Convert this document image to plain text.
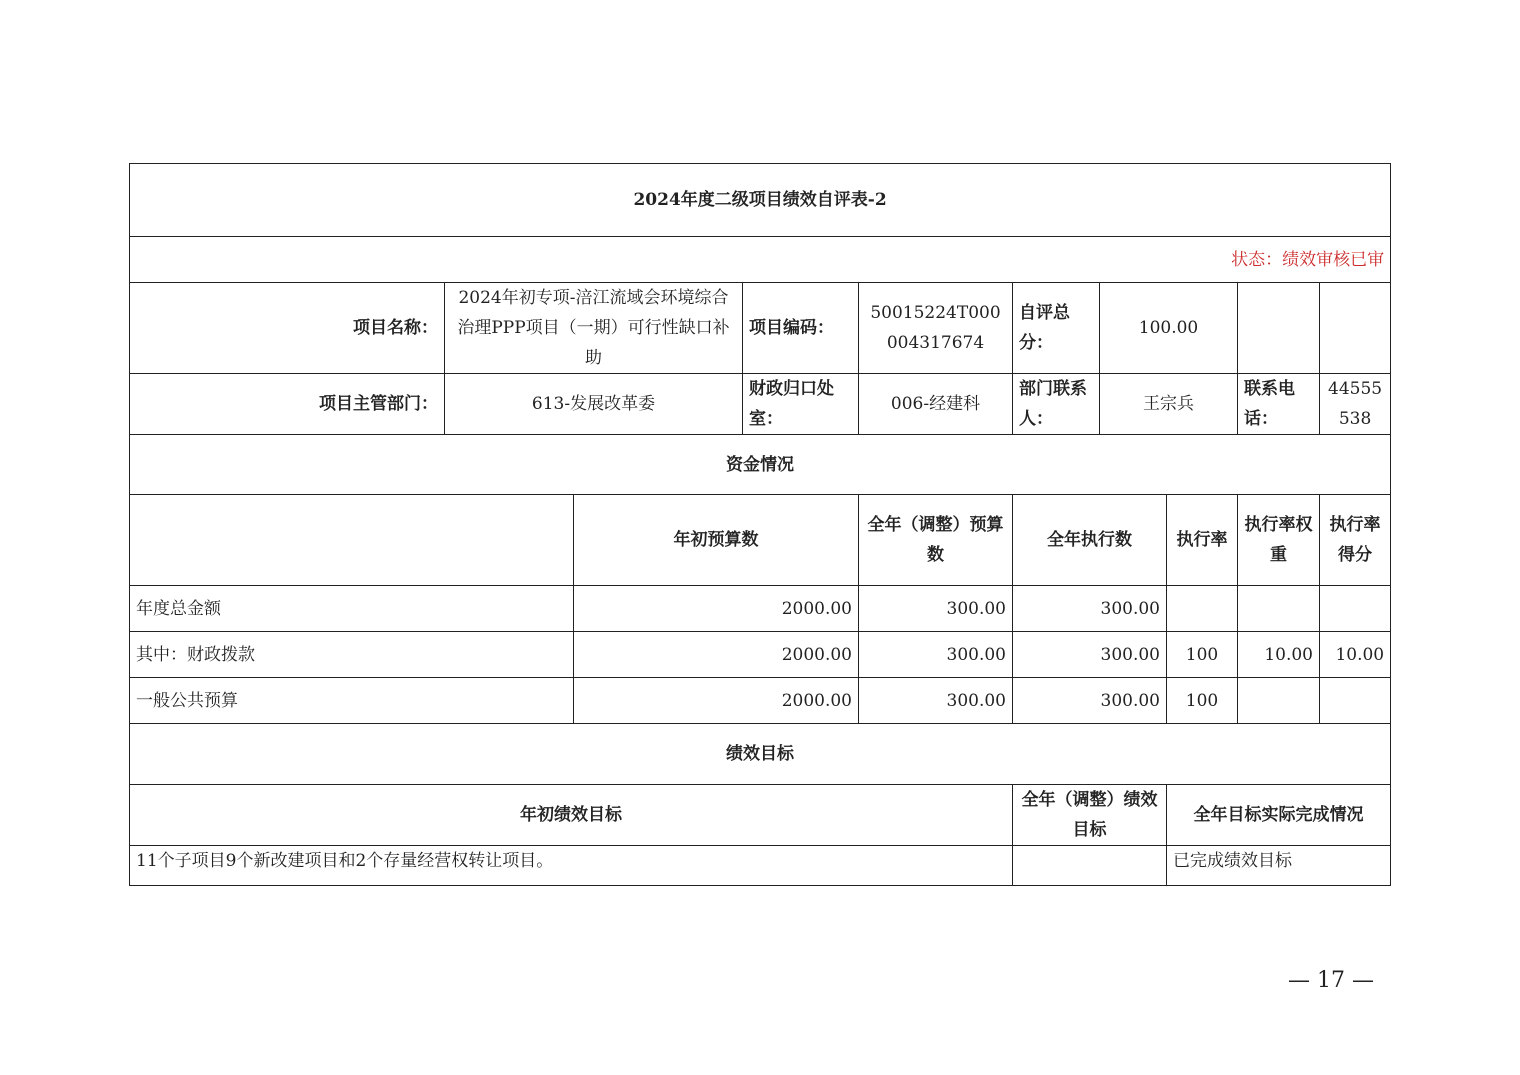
2024年度二级项目绩效自评表-2									
状态：绩效审核已审									
项目名称：	2024年初专项-涪江流域会环境综合治理PPP项目（一期）可行性缺口补助		项目编码：	50015224T000004317674	自评总分：	100.00			
项目主管部门：	613-发展改革委		财政归口处室：	006-经建科	部门联系人：	王宗兵		联系电话：	44555538
资金情况									
		年初预算数		全年（调整）预算数	全年执行数		执行率	执行率权重	执行率得分
年度总金额		2000.00		300.00	300.00				
其中：财政拨款		2000.00		300.00	300.00		100	10.00	10.00
一般公共预算		2000.00		300.00	300.00		100		
绩效目标									
年初绩效目标					全年（调整）绩效目标		全年目标实际完成情况		
11个子项目9个新改建项目和2个存量经营权转让项目。							已完成绩效目标		
— 17 —
